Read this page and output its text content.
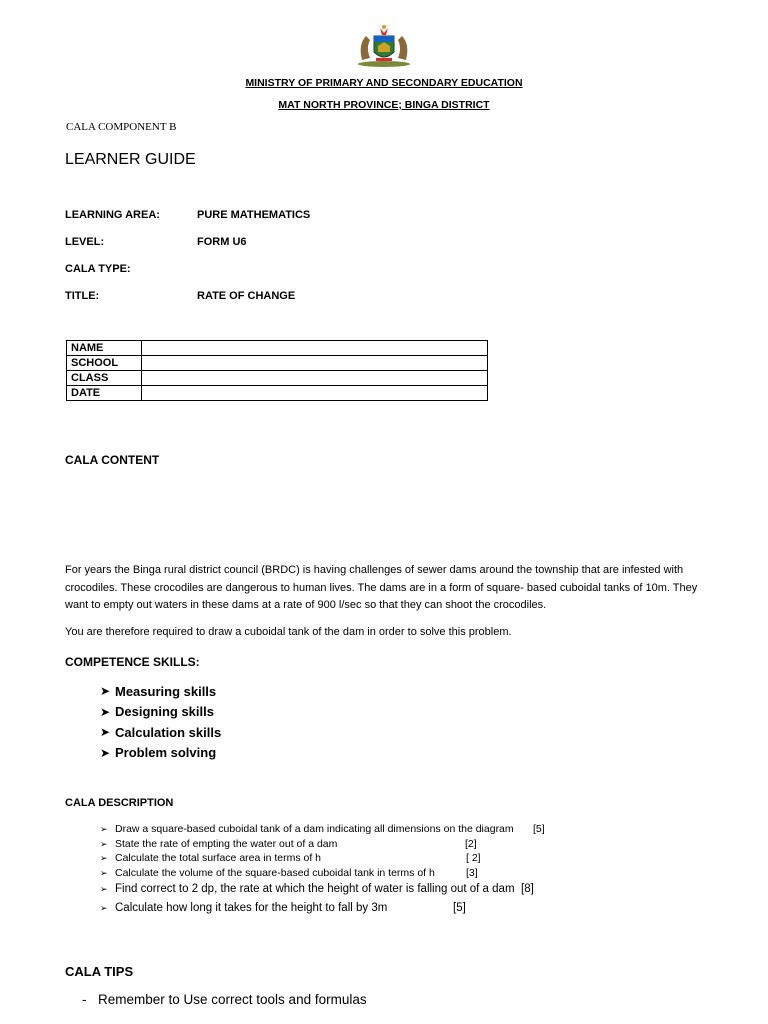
MINISTRY OF PRIMARY AND SECONDARY EDUCATION
MAT NORTH PROVINCE; BINGA DISTRICT
CALA COMPONENT B
LEARNER GUIDE
LEARNING AREA:	PURE MATHEMATICS
LEVEL:	FORM U6
CALA TYPE:
TITLE:	RATE OF CHANGE
NAME	
SCHOOL	
CLASS	
DATE	
CALA CONTENT
For years the Binga rural district council (BRDC) is having challenges of sewer dams around the township that are infested with crocodiles. These crocodiles are dangerous to human lives. The dams are in a form of square- based cuboidal tanks of 10m. They want to empty out waters in these dams at a rate of 900 l/sec so that they can shoot the crocodiles.
You are therefore required to draw a cuboidal tank of the dam in order to solve this problem.
COMPETENCE SKILLS:
➤ Measuring skills
➤ Designing skills
➤ Calculation skills
➤ Problem solving
CALA DESCRIPTION
➢ Draw a square-based cuboidal tank of a dam indicating all dimensions on the diagram [5]
➢ State the rate of empting the water out of a dam	[2]
➢ Calculate the total surface area in terms of h	[ 2]
➢ Calculate the volume of the square-based cuboidal tank in terms of h	[3]
➢ Find correct to 2 dp, the rate at which the height of water is falling out of a dam [8]
➢ Calculate how long it takes for the height to fall by 3m	[5]
CALA TIPS
- Remember to Use correct tools and formulas
